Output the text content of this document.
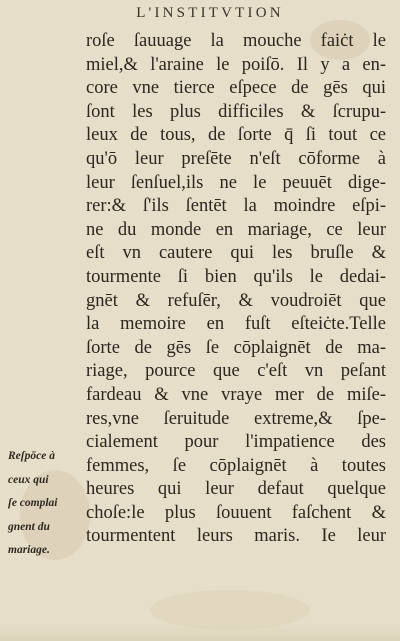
L'INSTITVTION
roſe ſauuage la mouche faiċt le
miel,& l'araine le poiſō. Il y a en-
core vne tierce eſpece de gēs qui
ſont les plus difficiles & ſcrupu-
leux de tous, de ſorte q̄ ſi tout ce
qu'ō leur preſēte n'eſt cōforme à
leur ſenſuel,ils ne le peuuēt dige-
rer:& ſ'ils ſentēt la moindre eſpi-
ne du monde en mariage, ce leur
eſt vn cautere qui les bruſle &
tourmente ſi bien qu'ils le dedai-
gnēt & refuſēr, & voudroiēt que
la memoire en fuſt eſteiċte.Telle
ſorte de gēs ſe cōplaignēt de ma-
riage, pource que c'eſt vn peſant
fardeau & vne vraye mer de miſe-
res,vne ſeruitude extreme,& ſpe-
cialement pour l'impatience des
femmes, ſe cōplaignēt à toutes
heures qui leur defaut quelque
choſe:le plus ſouuent faſchent &
tourmentent leurs maris. Ie leur
Reſpōce à
ceux qui
ſe complai
gnent du
mariage.
